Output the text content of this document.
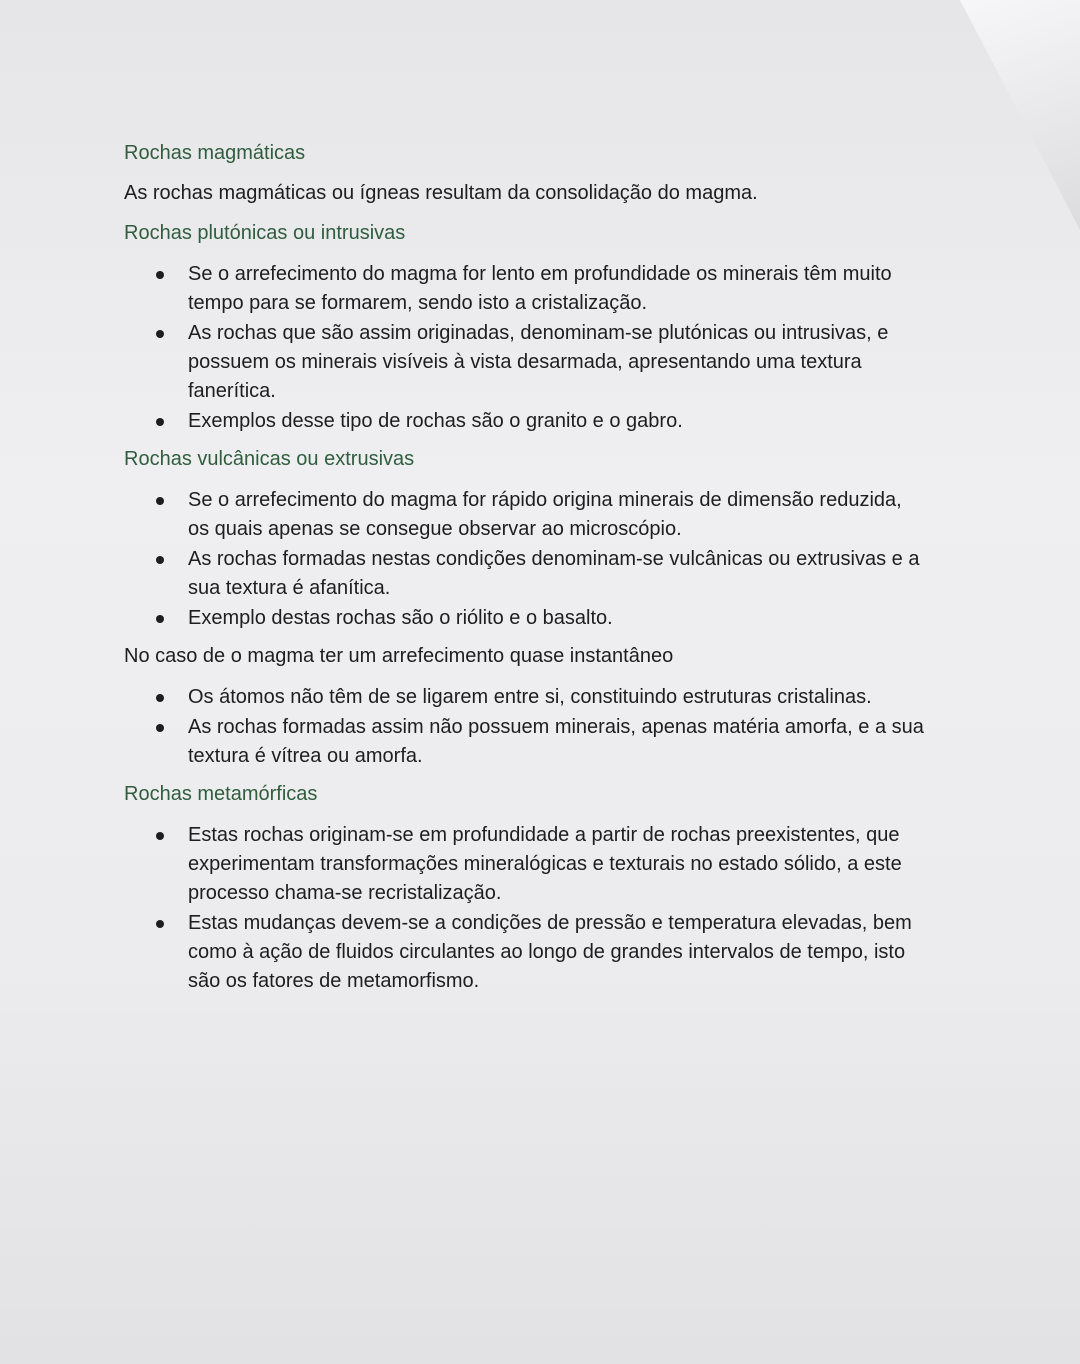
Rochas magmáticas
As rochas magmáticas ou ígneas resultam da consolidação do magma.
Rochas plutónicas ou intrusivas
Se o arrefecimento do magma for lento em profundidade os minerais têm muito tempo para se formarem, sendo isto a cristalização.
As rochas que são assim originadas, denominam-se plutónicas ou intrusivas, e possuem os minerais visíveis à vista desarmada, apresentando uma textura fanerítica.
Exemplos desse tipo de rochas são o granito e o gabro.
Rochas vulcânicas ou extrusivas
Se o arrefecimento do magma for rápido origina minerais de dimensão reduzida, os quais apenas se consegue observar ao microscópio.
As rochas formadas nestas condições denominam-se vulcânicas ou extrusivas e a sua textura é afanítica.
Exemplo destas rochas são o riólito e o basalto.
No caso de o magma ter um arrefecimento quase instantâneo
Os átomos não têm de se ligarem entre si, constituindo estruturas cristalinas.
As rochas formadas assim não possuem minerais, apenas matéria amorfa, e a sua textura é vítrea ou amorfa.
Rochas metamórficas
Estas rochas originam-se em profundidade a partir de rochas preexistentes, que experimentam transformações mineralógicas e texturais no estado sólido, a este processo chama-se recristalização.
Estas mudanças devem-se a condições de pressão e temperatura elevadas, bem como à ação de fluidos circulantes ao longo de grandes intervalos de tempo, isto são os fatores de metamorfismo.
